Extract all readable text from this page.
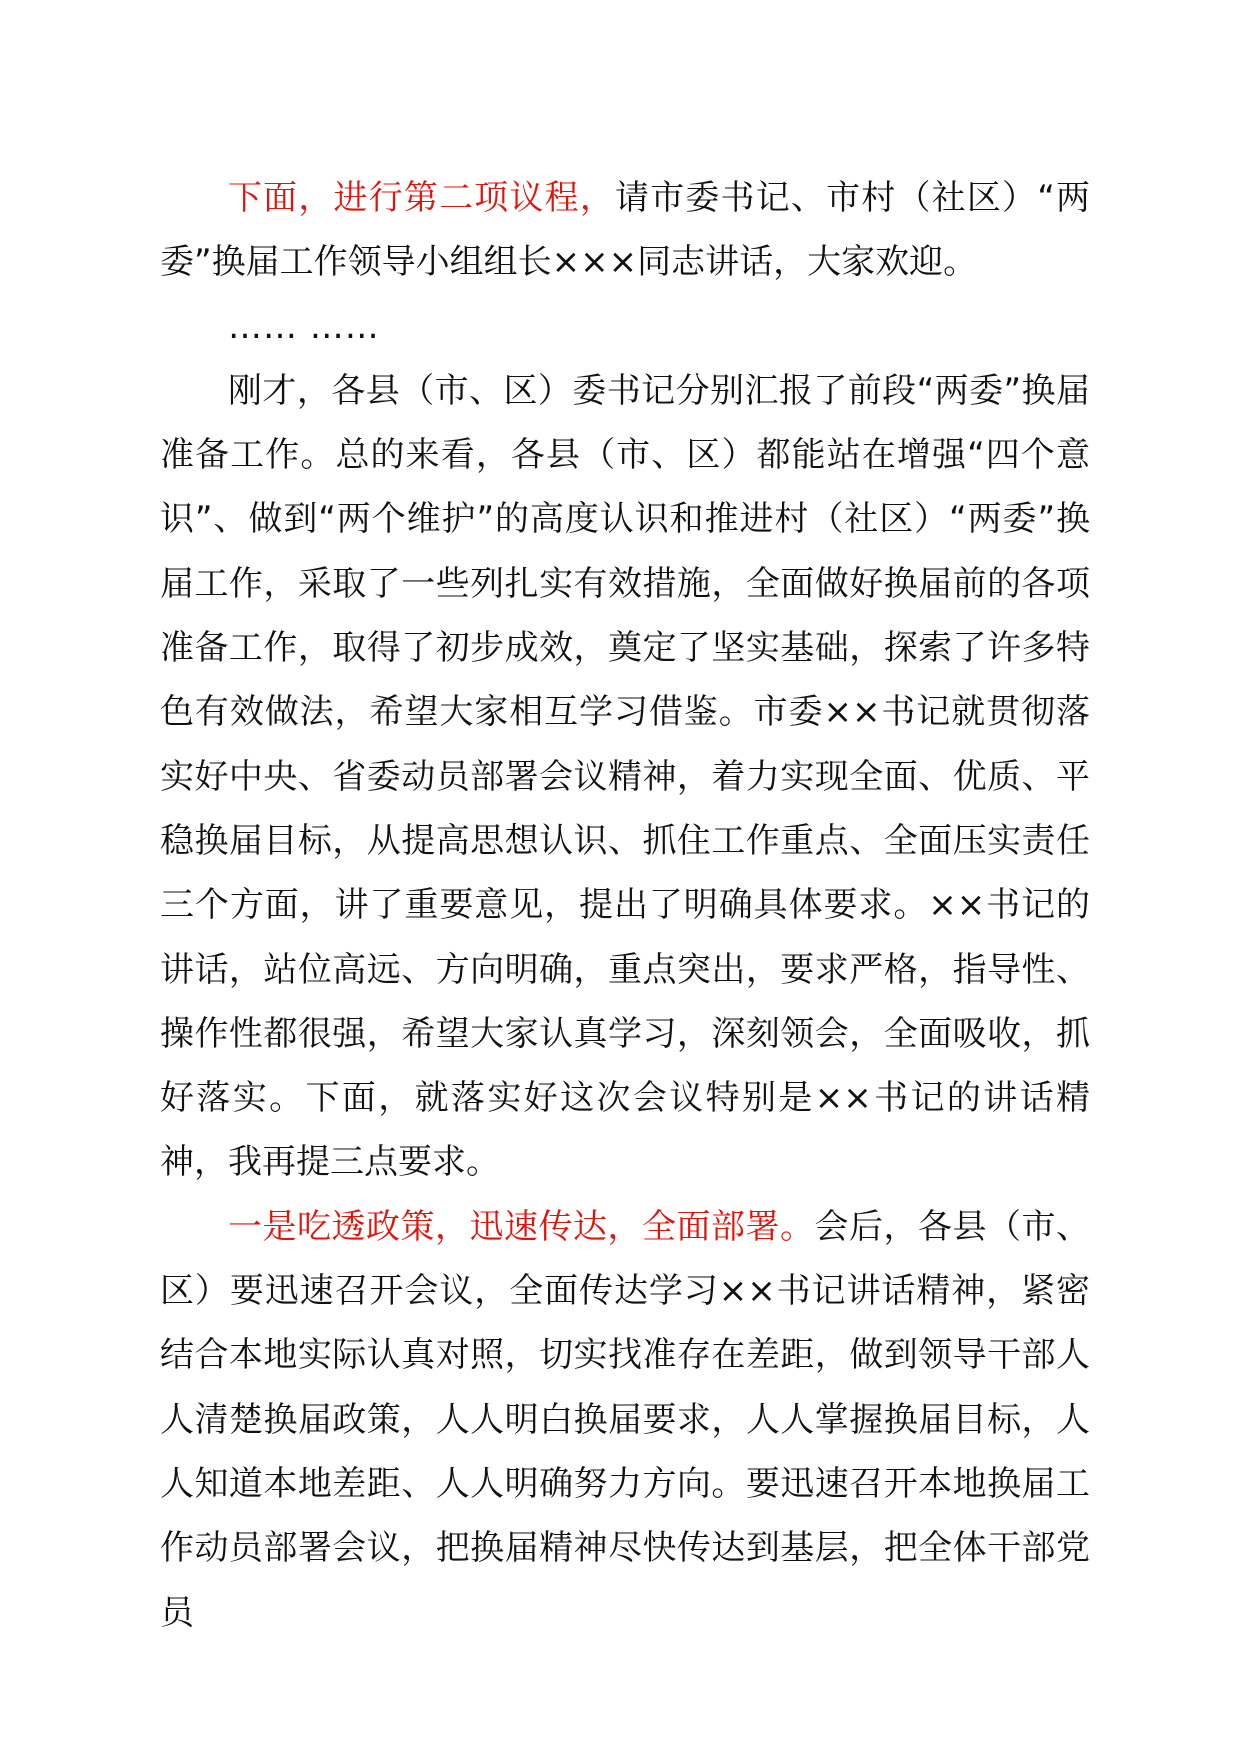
下面，进行第二项议程，请市委书记、市村（社区）“两委”换届工作领导小组组长×××同志讲话，大家欢迎。

…… ……

刚才，各县（市、区）委书记分别汇报了前段“两委”换届准备工作。总的来看，各县（市、区）都能站在增强“四个意识”、做到“两个维护”的高度认识和推进村（社区）“两委”换届工作，采取了一些列扎实有效措施，全面做好换届前的各项准备工作，取得了初步成效，奠定了坚实基础，探索了许多特色有效做法，希望大家相互学习借鉴。市委××书记就贯彻落实好中央、省委动员部署会议精神，着力实现全面、优质、平稳换届目标，从提高思想认识、抓住工作重点、全面压实责任三个方面，讲了重要意见，提出了明确具体要求。××书记的讲话，站位高远、方向明确，重点突出，要求严格，指导性、操作性都很强，希望大家认真学习，深刻领会，全面吸收，抓好落实。下面，就落实好这次会议特别是××书记的讲话精神，我再提三点要求。

一是吃透政策，迅速传达，全面部署。会后，各县（市、区）要迅速召开会议，全面传达学习××书记讲话精神，紧密结合本地实际认真对照，切实找准存在差距，做到领导干部人人清楚换届政策，人人明白换届要求，人人掌握换届目标，人人知道本地差距、人人明确努力方向。要迅速召开本地换届工作动员部署会议，把换届精神尽快传达到基层，把全体干部党员
